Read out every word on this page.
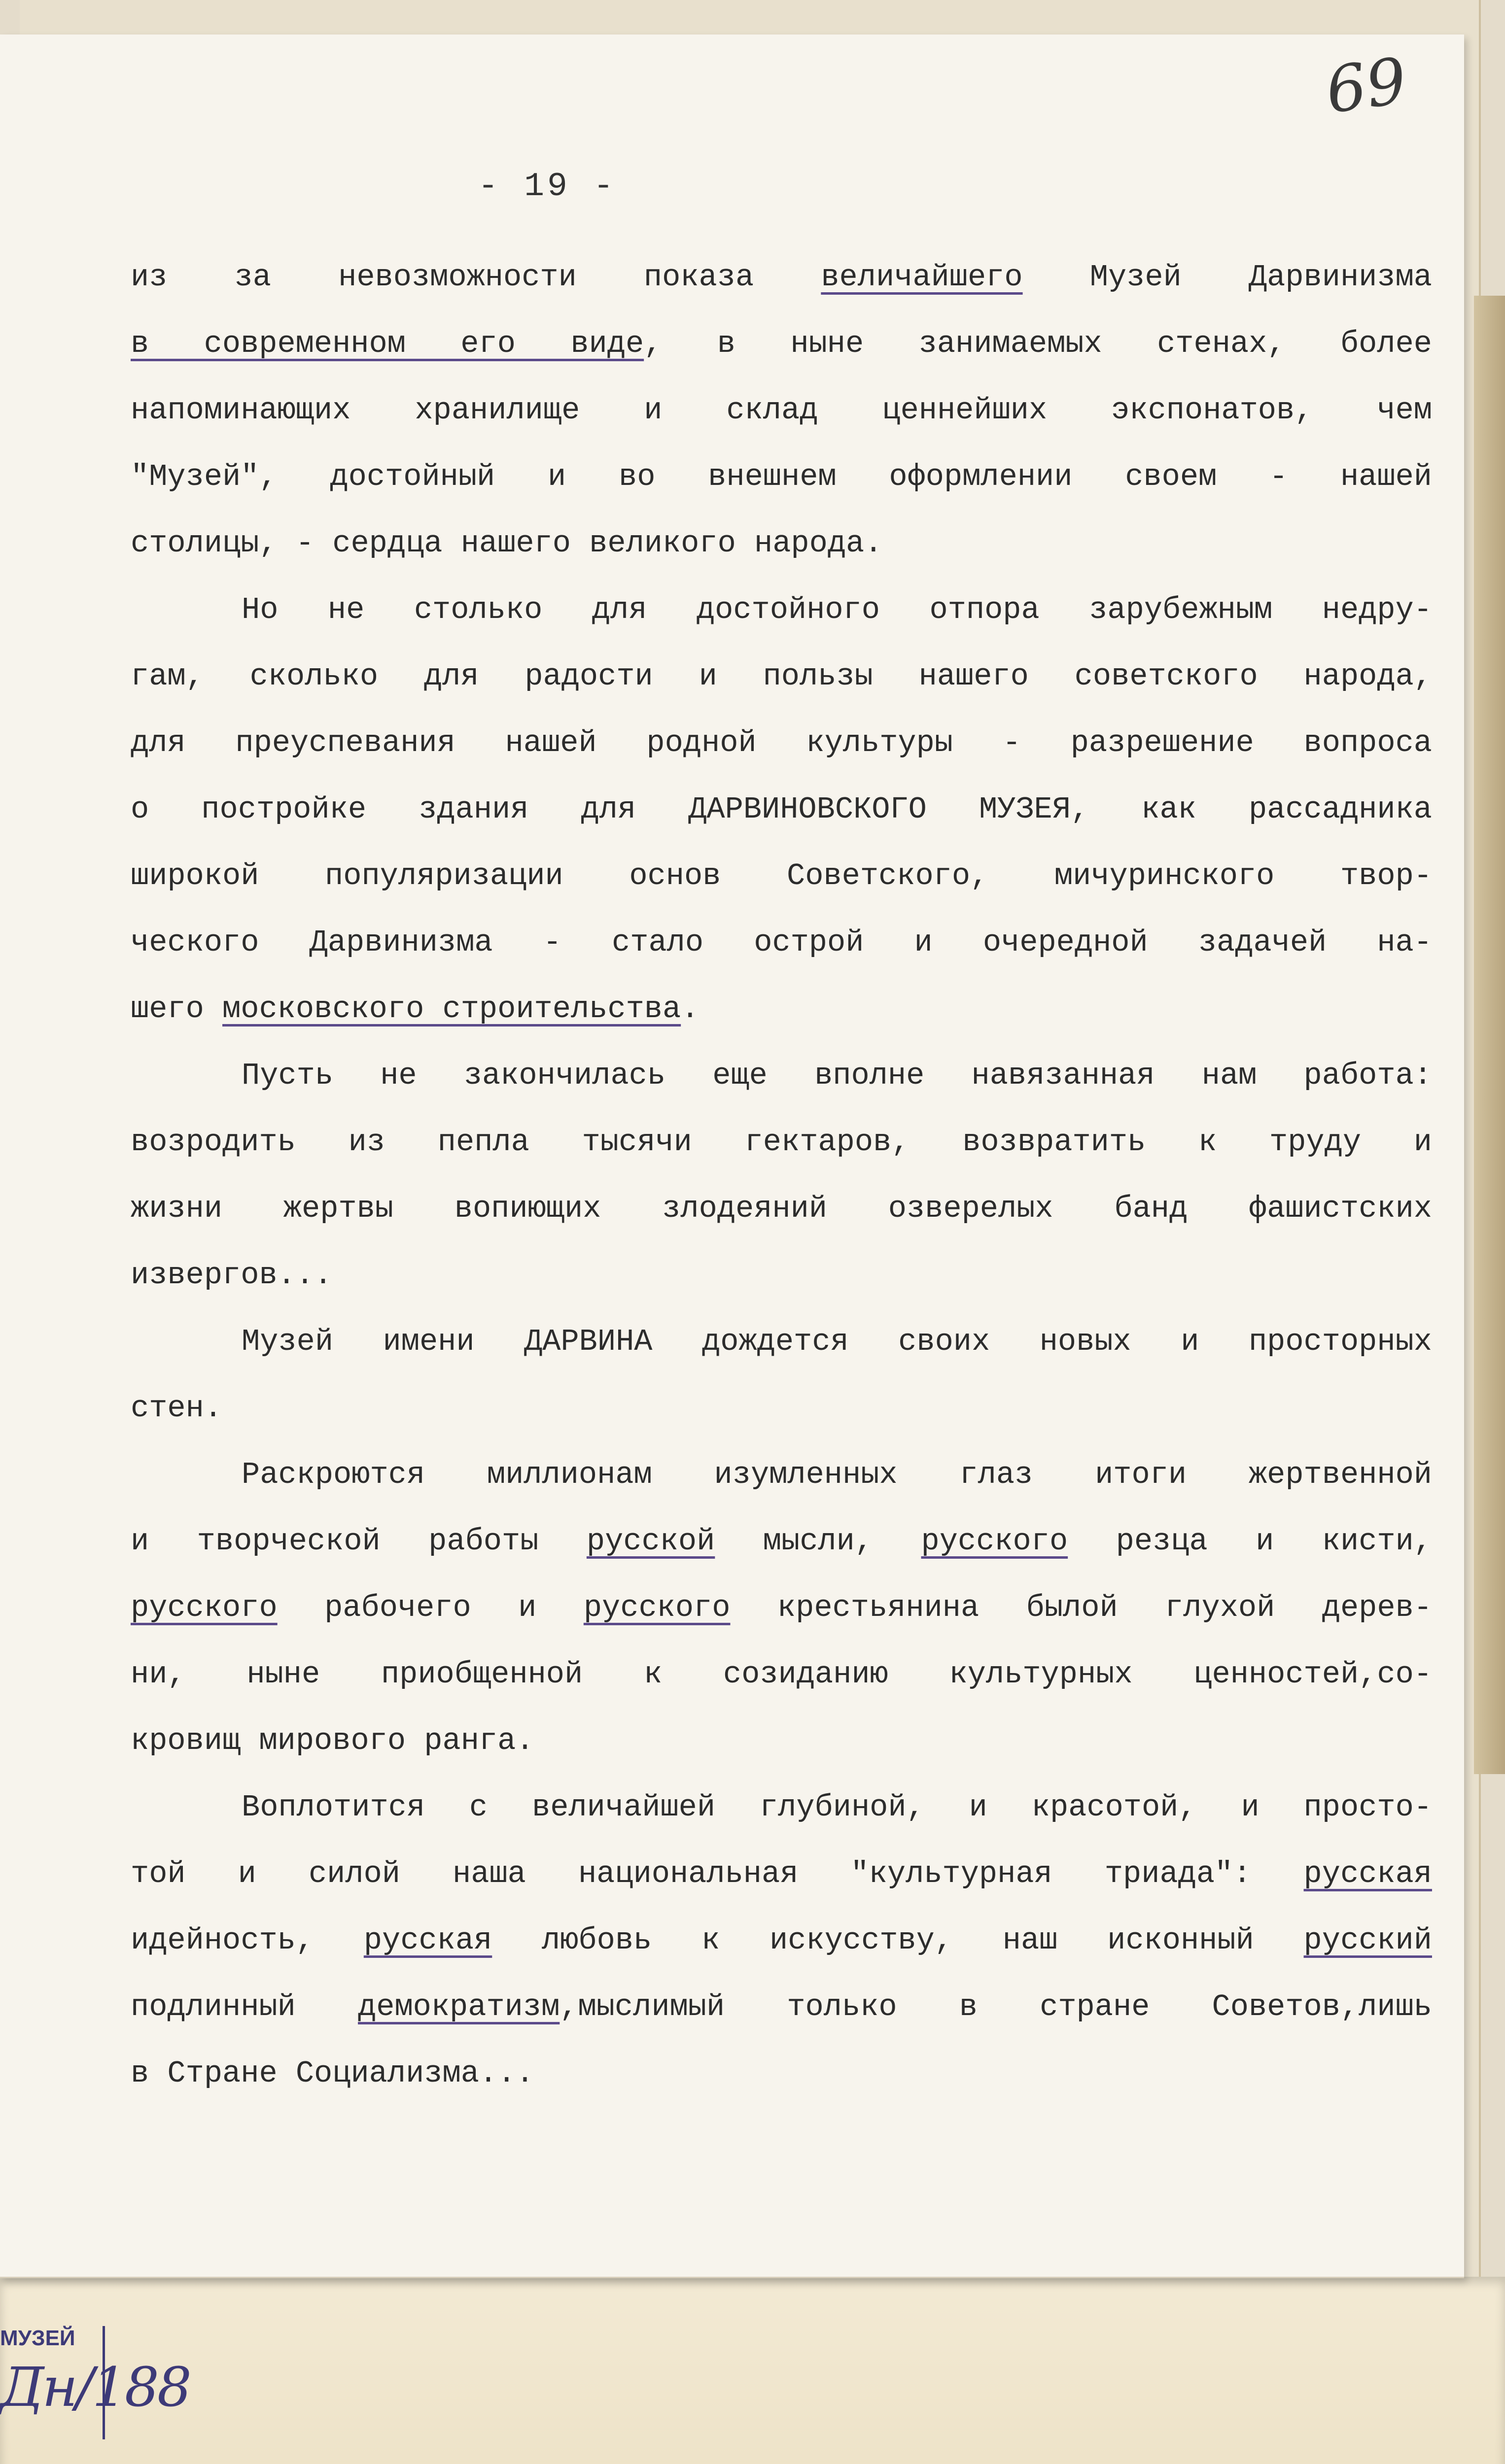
69
- 19 -

из за невозможности показа величайшего Музей Дарвинизма
в современном его виде, в ныне занимаемых стенах, более
напоминающих хранилище и склад ценнейших экспонатов, чем
"Музей", достойный и во внешнем оформлении своем - нашей
столицы, - сердца нашего великого народа.

Но не столько для достойного отпора зарубежным недру-
гам, сколько для радости и пользы нашего советского народа,
для преуспевания нашей родной культуры - разрешение вопроса
о постройке здания для ДАРВИНОВСКОГО МУЗЕЯ, как рассадника
широкой популяризации основ Советского, мичуринского твор-
ческого Дарвинизма - стало острой и очередной задачей на-
шего московского строительства.

Пусть не закончилась еще вполне навязанная нам работа:
возродить из пепла тысячи гектаров, возвратить к труду и
жизни жертвы вопиющих злодеяний озверелых банд фашистских
извергов...

Музей имени ДАРВИНА дождется своих новых и просторных
стен.

Раскроются миллионам изумленных глаз итоги жертвенной
и творческой работы русской мысли, русского резца и кисти,
русского рабочего и русского крестьянина былой глухой дерев-
ни, ныне приобщенной к созиданию культурных ценностей,со-
кровищ мирового ранга.

Воплотится с величайшей глубиной, и красотой, и просто-
той и силой наша национальная "культурная триада": русская
идейность, русская любовь к искусству, наш исконный русский
подлинный демократизм,мыслимый только в стране Советов,лишь
в Стране Социализма...

МУЗЕЙ
Дн/188
